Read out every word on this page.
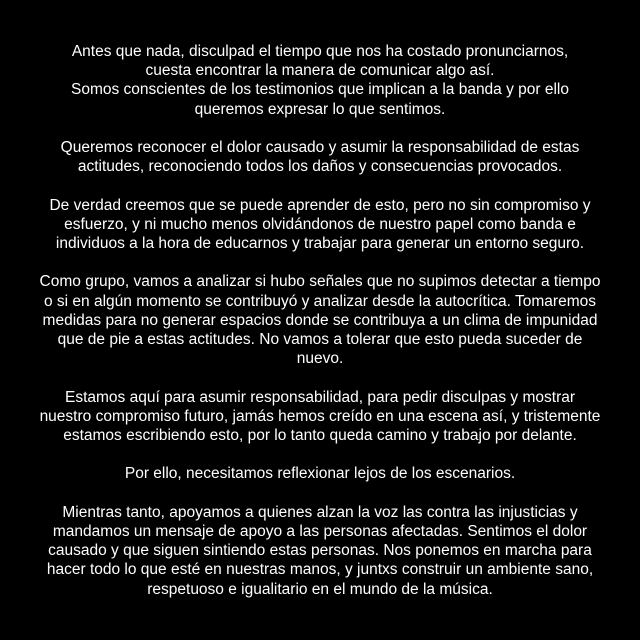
Antes que nada, disculpad el tiempo que nos ha costado pronunciarnos,
cuesta encontrar la manera de comunicar algo así.
Somos conscientes de los testimonios que implican a la banda y por ello
queremos expresar lo que sentimos.

Queremos reconocer el dolor causado y asumir la responsabilidad de estas
actitudes, reconociendo todos los daños y consecuencias provocados.

De verdad creemos que se puede aprender de esto, pero no sin compromiso y
esfuerzo, y ni mucho menos olvidándonos de nuestro papel como banda e
individuos a la hora de educarnos y trabajar para generar un entorno seguro.

Como grupo, vamos a analizar si hubo señales que no supimos detectar a tiempo
o si en algún momento se contribuyó y analizar desde la autocrítica. Tomaremos
medidas para no generar espacios donde se contribuya a un clima de impunidad
que de pie a estas actitudes. No vamos a tolerar que esto pueda suceder de
nuevo.

Estamos aquí para asumir responsabilidad, para pedir disculpas y mostrar
nuestro compromiso futuro, jamás hemos creído en una escena así, y tristemente
estamos escribiendo esto, por lo tanto queda camino y trabajo por delante.

Por ello, necesitamos reflexionar lejos de los escenarios.

Mientras tanto, apoyamos a quienes alzan la voz las contra las injusticias y
mandamos un mensaje de apoyo a las personas afectadas. Sentimos el dolor
causado y que siguen sintiendo estas personas. Nos ponemos en marcha para
hacer todo lo que esté en nuestras manos, y juntxs construir un ambiente sano,
respetuoso e igualitario en el mundo de la música.
